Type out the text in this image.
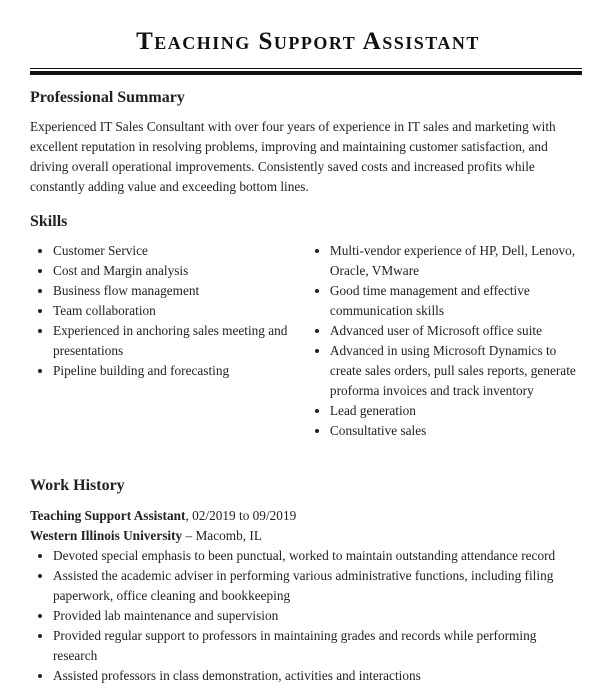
Teaching Support Assistant
Professional Summary

Experienced IT Sales Consultant with over four years of experience in IT sales and marketing with excellent reputation in resolving problems, improving and maintaining customer satisfaction, and driving overall operational improvements. Consistently saved costs and increased profits while constantly adding value and exceeding bottom lines.

Skills
• Customer Service
• Cost and Margin analysis
• Business flow management
• Team collaboration
• Experienced in anchoring sales meeting and presentations
• Pipeline building and forecasting
• Multi-vendor experience of HP, Dell, Lenovo, Oracle, VMware
• Good time management and effective communication skills
• Advanced user of Microsoft office suite
• Advanced in using Microsoft Dynamics to create sales orders, pull sales reports, generate proforma invoices and track inventory
• Lead generation
• Consultative sales
Work History
Teaching Support Assistant, 02/2019 to 09/2019
Western Illinois University – Macomb, IL
• Devoted special emphasis to been punctual, worked to maintain outstanding attendance record
• Assisted the academic adviser in performing various administrative functions, including filing paperwork, office cleaning and bookkeeping
• Provided lab maintenance and supervision
• Provided regular support to professors in maintaining grades and records while performing research
• Assisted professors in class demonstration, activities and interactions
